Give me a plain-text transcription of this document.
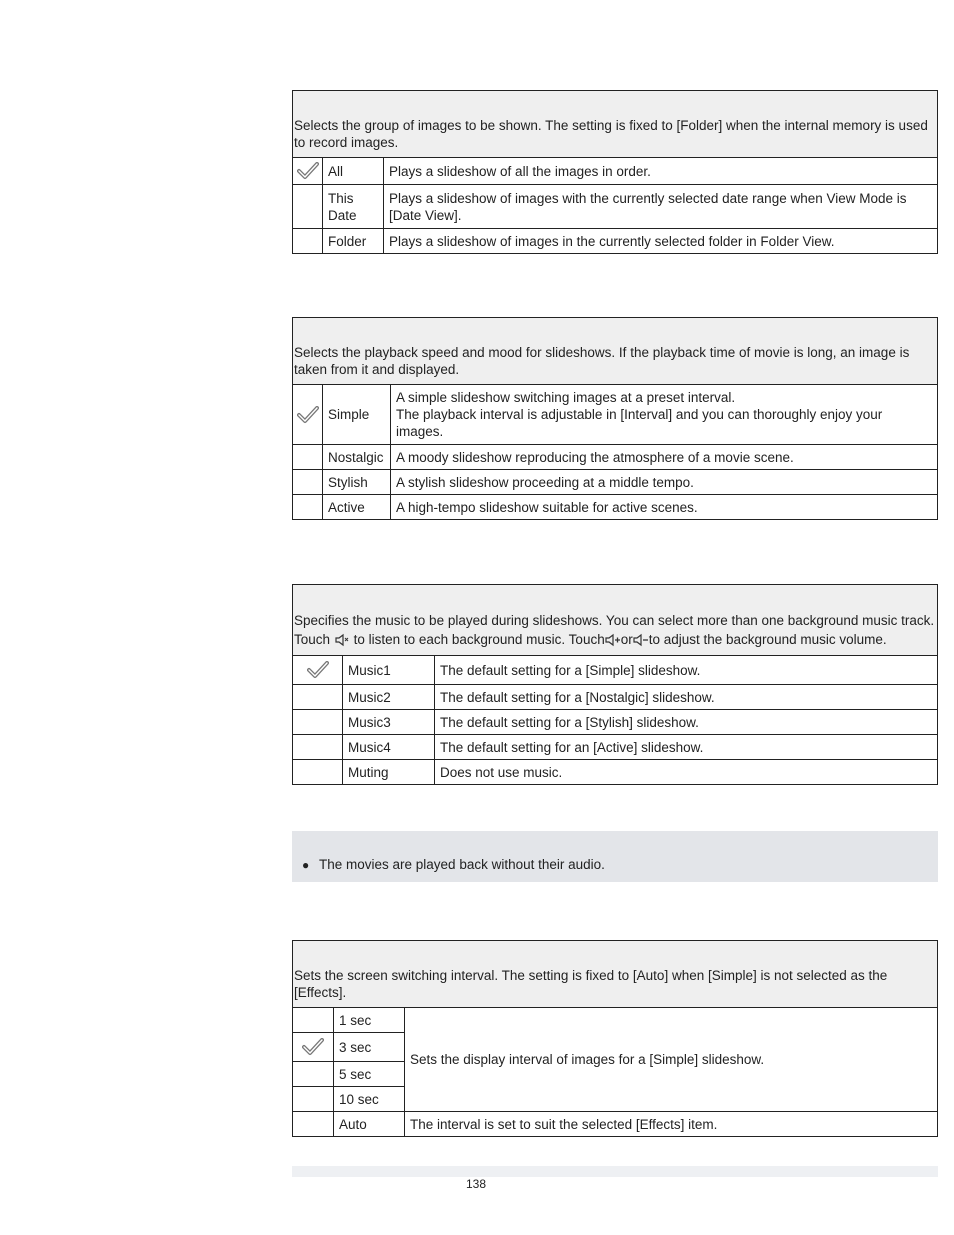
Selects the group of images to be shown. The setting is fixed to [Folder] when the internal memory is used to record images.		
	All	Plays a slideshow of all the images in order.
	This Date	Plays a slideshow of images with the currently selected date range when View Mode is [Date View].
	Folder	Plays a slideshow of images in the currently selected folder in Folder View.
Selects the playback speed and mood for slideshows. If the playback time of movie is long, an image is taken from it and displayed.		
	Simple	A simple slideshow switching images at a preset interval.
The playback interval is adjustable in [Interval] and you can thoroughly enjoy your images.
	Nostalgic	A moody slideshow reproducing the atmosphere of a movie scene.
	Stylish	A stylish slideshow proceeding at a middle tempo.
	Active	A high-tempo slideshow suitable for active scenes.
Specifies the music to be played during slideshows. You can select more than one background music track. Touch to listen to each background music. Touch or to adjust the background music volume.		
	Music1	The default setting for a [Simple] slideshow.
	Music2	The default setting for a [Nostalgic] slideshow.
	Music3	The default setting for a [Stylish] slideshow.
	Music4	The default setting for an [Active] slideshow.
	Muting	Does not use music.
● The movies are played back without their audio.
Sets the screen switching interval. The setting is fixed to [Auto] when [Simple] is not selected as the [Effects].		
	1 sec	Sets the display interval of images for a [Simple] slideshow.
	3 sec	
	5 sec	
	10 sec	
	Auto	The interval is set to suit the selected [Effects] item.
138
